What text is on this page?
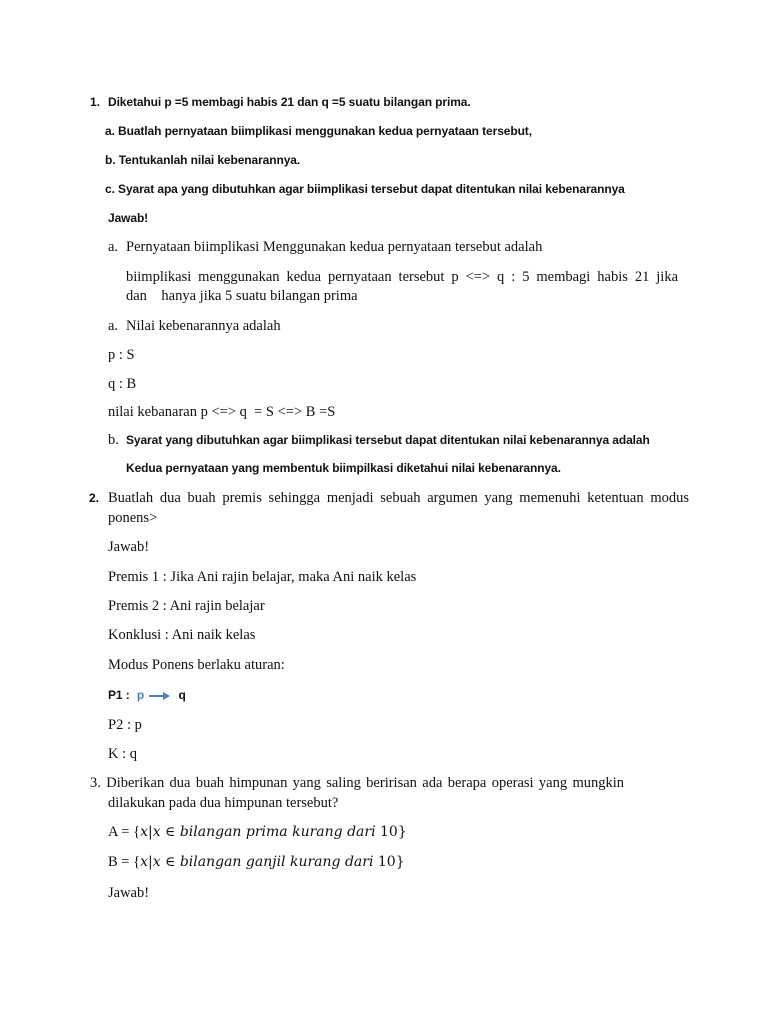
1. Diketahui p =5 membagi habis 21 dan q =5 suatu bilangan prima.
a. Buatlah pernyataan biimplikasi menggunakan kedua pernyataan tersebut,
b. Tentukanlah nilai kebenarannya.
c. Syarat apa yang dibutuhkan agar biimplikasi tersebut dapat ditentukan nilai kebenarannya
Jawab!
a. Pernyataan biimplikasi Menggunakan kedua pernyataan tersebut adalah
biimplikasi menggunakan kedua pernyataan tersebut p <=> q : 5 membagi habis 21 jika
dan    hanya jika 5 suatu bilangan prima
a. Nilai kebenarannya adalah
p : S
q : B
nilai kebanaran p <=> q  = S <=> B =S
b. Syarat yang dibutuhkan agar biimplikasi tersebut dapat ditentukan nilai kebenarannya adalah
Kedua pernyataan yang membentuk biimpilkasi diketahui nilai kebenarannya.
2. Buatlah dua buah premis sehingga menjadi sebuah argumen yang memenuhi ketentuan modus
ponens>
Jawab!
Premis 1 : Jika Ani rajin belajar, maka Ani naik kelas
Premis 2 : Ani rajin belajar
Konklusi : Ani naik kelas
Modus Ponens berlaku aturan:
P1 : p	q
P2 : p
K : q
3. Diberikan dua buah himpunan yang saling beririsan ada berapa operasi yang mungkin
dilakukan pada dua himpunan tersebut?
A = {x|x ∈ bilangan prima kurang dari 10}
B = {x|x ∈ bilangan ganjil kurang dari 10}
Jawab!
